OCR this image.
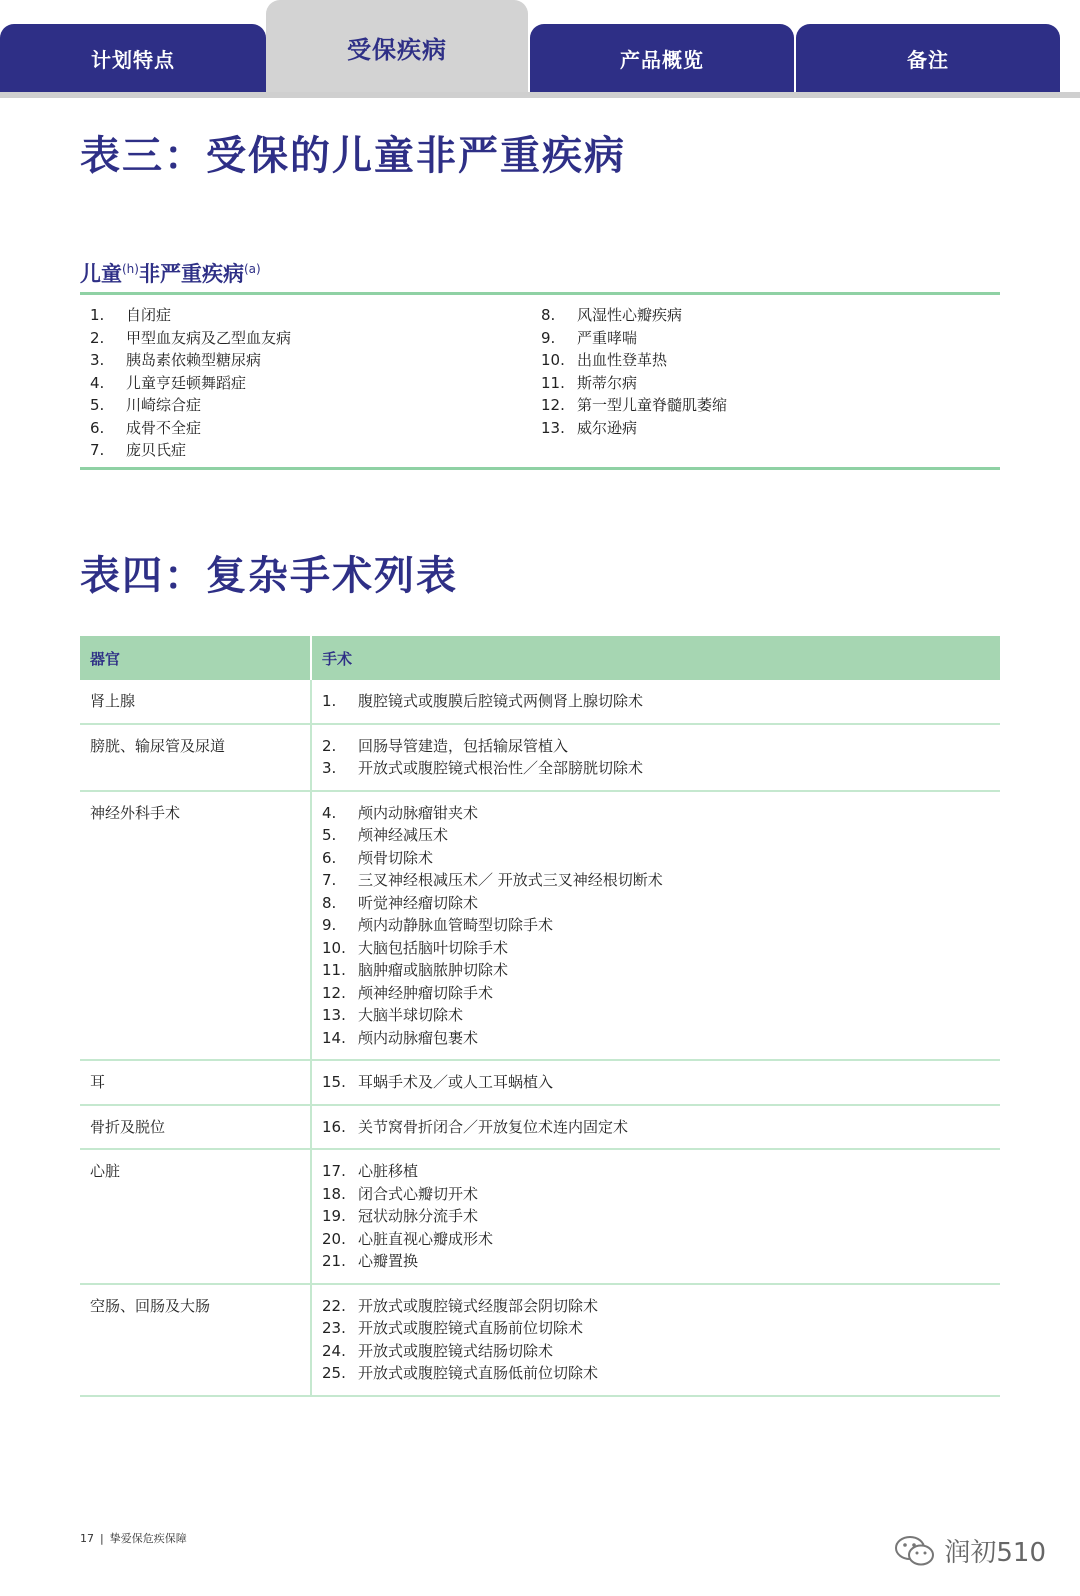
计划特点	受保疾病	产品概览	备注
表三：受保的儿童非严重疾病
儿童$^{(h)}$非严重疾病$^{(a)}$
1.	自闭症
2.	甲型血友病及乙型血友病
3.	胰岛素依赖型糖尿病
4.	儿童亨廷顿舞蹈症
5.	川崎综合症
6.	成骨不全症
7.	庞贝氏症
8.	风湿性心瓣疾病
9.	严重哮喘
10. 出血性登革热
11. 斯蒂尔病
12. 第一型儿童脊髓肌萎缩
13. 威尔逊病
表四：复杂手术列表
器官	手术
肾上腺	1.	腹腔镜式或腹膜后腔镜式两侧肾上腺切除术
膀胱、输尿管及尿道	2.	回肠导管建造，包括输尿管植入
3.	开放式或腹腔镜式根治性／全部膀胱切除术
神经外科手术	4.	颅内动脉瘤钳夹术
5.	颅神经减压术
6.	颅骨切除术
7.	三叉神经根减压术／ 开放式三叉神经根切断术
8.	听觉神经瘤切除术
9.	颅内动静脉血管畸型切除手术
10. 大脑包括脑叶切除手术
11. 脑肿瘤或脑脓肿切除术
12. 颅神经肿瘤切除手术
13. 大脑半球切除术
14. 颅内动脉瘤包裹术
耳	15. 耳蜗手术及／或人工耳蜗植入
骨折及脱位	16. 关节窝骨折闭合／开放复位术连内固定术
心脏	17. 心脏移植
18. 闭合式心瓣切开术
19. 冠状动脉分流手术
20. 心脏直视心瓣成形术
21. 心瓣置换
空肠、回肠及大肠	22. 开放式或腹腔镜式经腹部会阴切除术
23. 开放式或腹腔镜式直肠前位切除术
24. 开放式或腹腔镜式结肠切除术
25. 开放式或腹腔镜式直肠低前位切除术
17 | 挚爱保危疾保障	润初510
